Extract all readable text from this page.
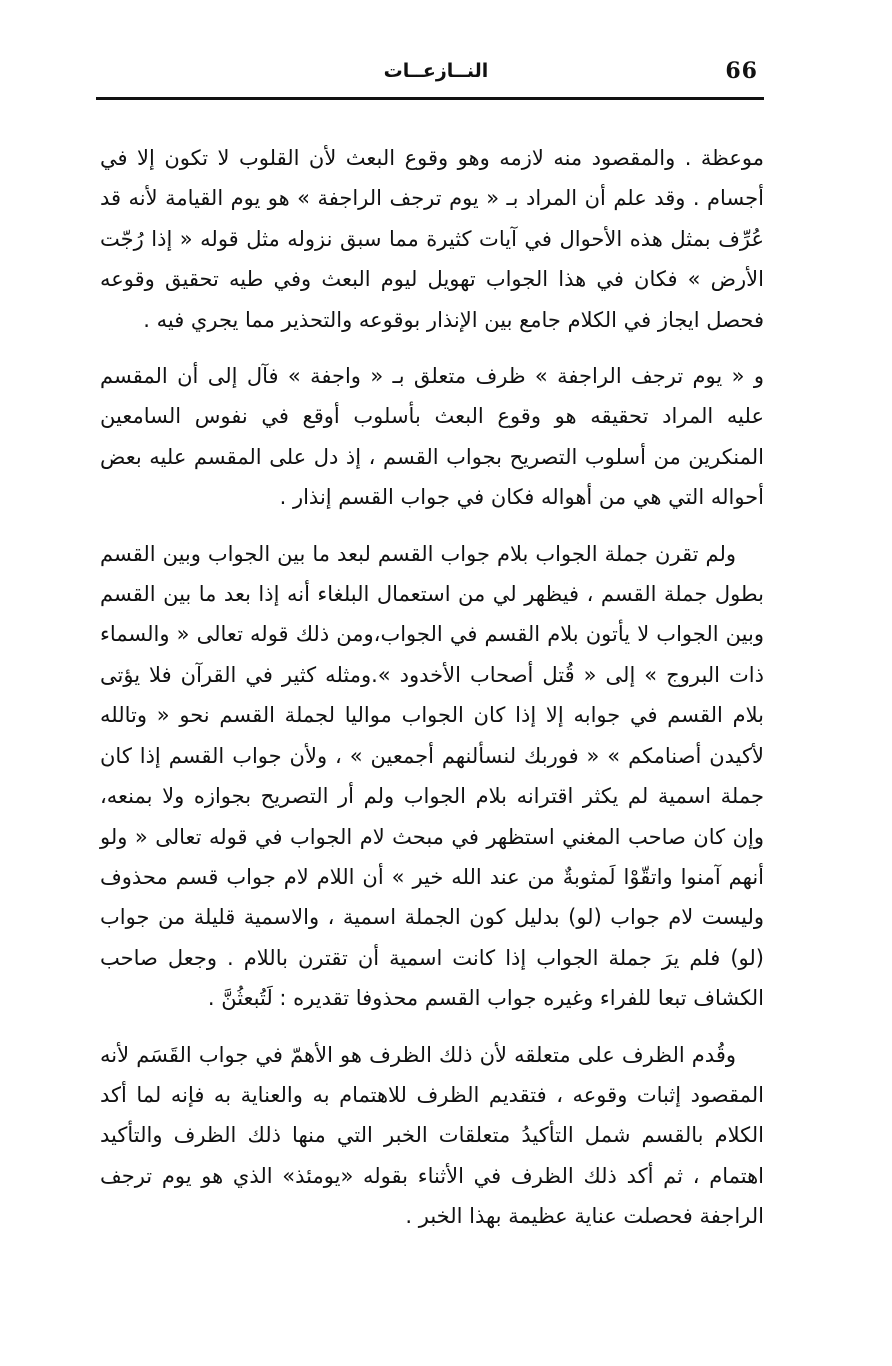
النــازعــات	66

موعظة . والمقصود منه لازمه وهو وقوع البعث لأن القلوب لا تكون إلا في أجسام . وقد علم أن المراد بـ « يوم ترجف الراجفة » هو يوم القيامة لأنه قد عُرِّف بمثل هذه الأحوال في آيات كثيرة مما سبق نزوله مثل قوله « إذا رُجّت الأرض » فكان في هذا الجواب تهويل ليوم البعث وفي طيه تحقيق وقوعه فحصل ايجاز في الكلام جامع بين الإنذار بوقوعه والتحذير مما يجري فيه .

و « يوم ترجف الراجفة » ظرف متعلق بـ « واجفة » فآل إلى أن المقسم عليه المراد تحقيقه هو وقوع البعث بأسلوب أوقع في نفوس السامعين المنكرين من أسلوب التصريح بجواب القسم ، إذ دل على المقسم عليه بعض أحواله التي هي من أهواله فكان في جواب القسم إنذار .

ولم تقرن جملة الجواب بلام جواب القسم لبعد ما بين الجواب وبين القسم بطول جملة القسم ، فيظهر لي من استعمال البلغاء أنه إذا بعد ما بين القسم وبين الجواب لا يأتون بلام القسم في الجواب،ومن ذلك قوله تعالى « والسماء ذات البروج » إلى « قُتل أصحاب الأخدود ».ومثله كثير في القرآن فلا يؤتى بلام القسم في جوابه إلا إذا كان الجواب مواليا لجملة القسم نحو « وتالله لأكيدن أصنامكم » « فوربك لنسألنهم أجمعين » ، ولأن جواب القسم إذا كان جملة اسمية لم يكثر اقترانه بلام الجواب ولم أر التصريح بجوازه ولا بمنعه، وإن كان صاحب المغني استظهر في مبحث لام الجواب في قوله تعالى « ولو أنهم آمنوا واتقّوْا لَمثوبةٌ من عند الله خير » أن اللام لام جواب قسم محذوف وليست لام جواب (لو) بدليل كون الجملة اسمية ، والاسمية قليلة من جواب (لو) فلم يرَ جملة الجواب إذا كانت اسمية أن تقترن باللام . وجعل صاحب الكشاف تبعا للفراء وغيره جواب القسم محذوفا تقديره : لَتُبعثُنَّ .

وقُدم الظرف على متعلقه لأن ذلك الظرف هو الأهمّ في جواب القَسَم لأنه المقصود إثبات وقوعه ، فتقديم الظرف للاهتمام به والعناية به فإنه لما أكد الكلام بالقسم شمل التأكيدُ متعلقات الخبر التي منها ذلك الظرف والتأكيد اهتمام ، ثم أكد ذلك الظرف في الأثناء بقوله «يومئذ» الذي هو يوم ترجف الراجفة فحصلت عناية عظيمة بهذا الخبر .
